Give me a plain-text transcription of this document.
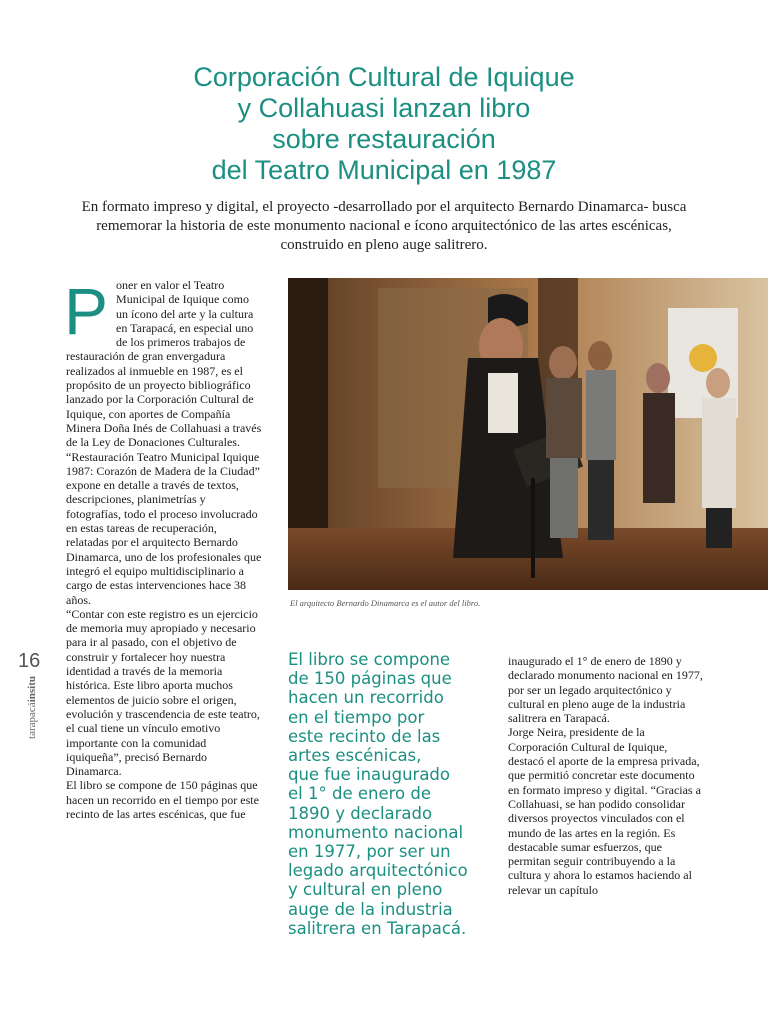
Corporación Cultural de Iquique
y Collahuasi lanzan libro
sobre restauración
del Teatro Municipal en 1987

En formato impreso y digital, el proyecto -desarrollado por el arquitecto Bernardo Dinamarca- busca rememorar la historia de este monumento nacional e ícono arquitectónico de las artes escénicas, construido en pleno auge salitrero.

P oner en valor el Teatro Municipal de Iquique como un ícono del arte y la cultura en Tarapacá, en especial uno de los primeros trabajos de restauración de gran envergadura realizados al inmueble en 1987, es el propósito de un proyecto bibliográfico lanzado por la Corporación Cultural de Iquique, con aportes de Compañía Minera Doña Inés de Collahuasi a través de la Ley de Donaciones Culturales.

“Restauración Teatro Municipal Iquique 1987: Corazón de Madera de la Ciudad” expone en detalle a través de textos, descripciones, planimetrías y fotografías, todo el proceso involucrado en estas tareas de recuperación, relatadas por el arquitecto Bernardo Dinamarca, uno de los profesionales que integró el equipo multidisciplinario a cargo de estas intervenciones hace 38 años.

“Contar con este registro es un ejercicio de memoria muy apropiado y necesario para ir al pasado, con el objetivo de construir y fortalecer hoy nuestra identidad a través de la memoria histórica. Este libro aporta muchos elementos de juicio sobre el origen, evolución y trascendencia de este teatro, el cual tiene un vínculo emotivo importante con la comunidad iquiqueña”, precisó Bernardo Dinamarca.

El libro se compone de 150 páginas que hacen un recorrido en el tiempo por este recinto de las artes escénicas, que fue

El arquitecto Bernardo Dinamarca es el autor del libro.

El libro se compone
de 150 páginas que
hacen un recorrido
en el tiempo por
este recinto de las
artes escénicas,
que fue inaugurado
el 1° de enero de
1890 y declarado
monumento nacional
en 1977, por ser un
legado arquitectónico
y cultural en pleno
auge de la industria
salitrera en Tarapacá.

inaugurado el 1° de enero de 1890 y declarado monumento nacional en 1977, por ser un legado arquitectónico y cultural en pleno auge de la industria salitrera en Tarapacá.

Jorge Neira, presidente de la Corporación Cultural de Iquique, destacó el aporte de la empresa privada, que permitió concretar este documento en formato impreso y digital. “Gracias a Collahuasi, se han podido consolidar diversos proyectos vinculados con el mundo de las artes en la región. Es destacable sumar esfuerzos, que permitan seguir contribuyendo a la cultura y ahora lo estamos haciendo al relevar un capítulo

16
tarapacáinsitu
